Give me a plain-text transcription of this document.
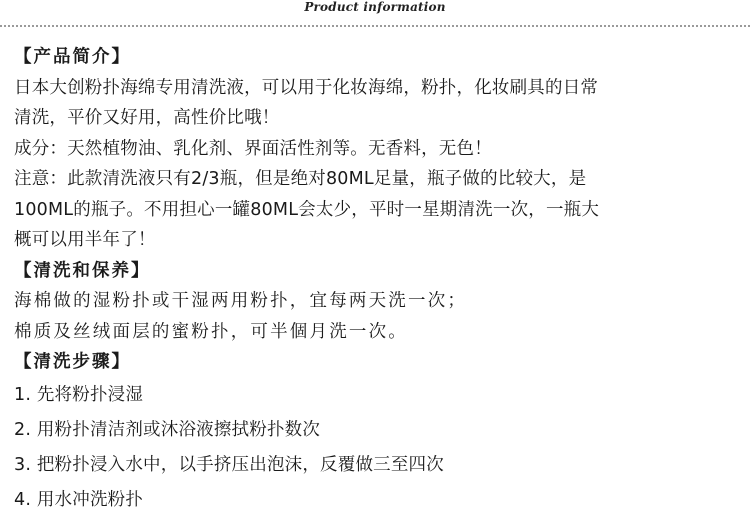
Product information
【产品简介】
日本大创粉扑海绵专用清洗液，可以用于化妆海绵，粉扑，化妆刷具的日常
清洗，平价又好用，高性价比哦！
成分：天然植物油、乳化剂、界面活性剂等。无香料，无色！
注意：此款清洗液只有2/3瓶，但是绝对80ML足量，瓶子做的比较大，是
100ML的瓶子。不用担心一罐80ML会太少，平时一星期清洗一次，一瓶大
概可以用半年了！
【清洗和保养】
海棉做的湿粉扑或干湿两用粉扑，宜每两天洗一次；
棉质及丝绒面层的蜜粉扑，可半個月洗一次。
【清洗步骤】
1. 先将粉扑浸湿
2. 用粉扑清洁剂或沐浴液擦拭粉扑数次
3. 把粉扑浸入水中，以手挤压出泡沫，反覆做三至四次
4. 用水冲洗粉扑
